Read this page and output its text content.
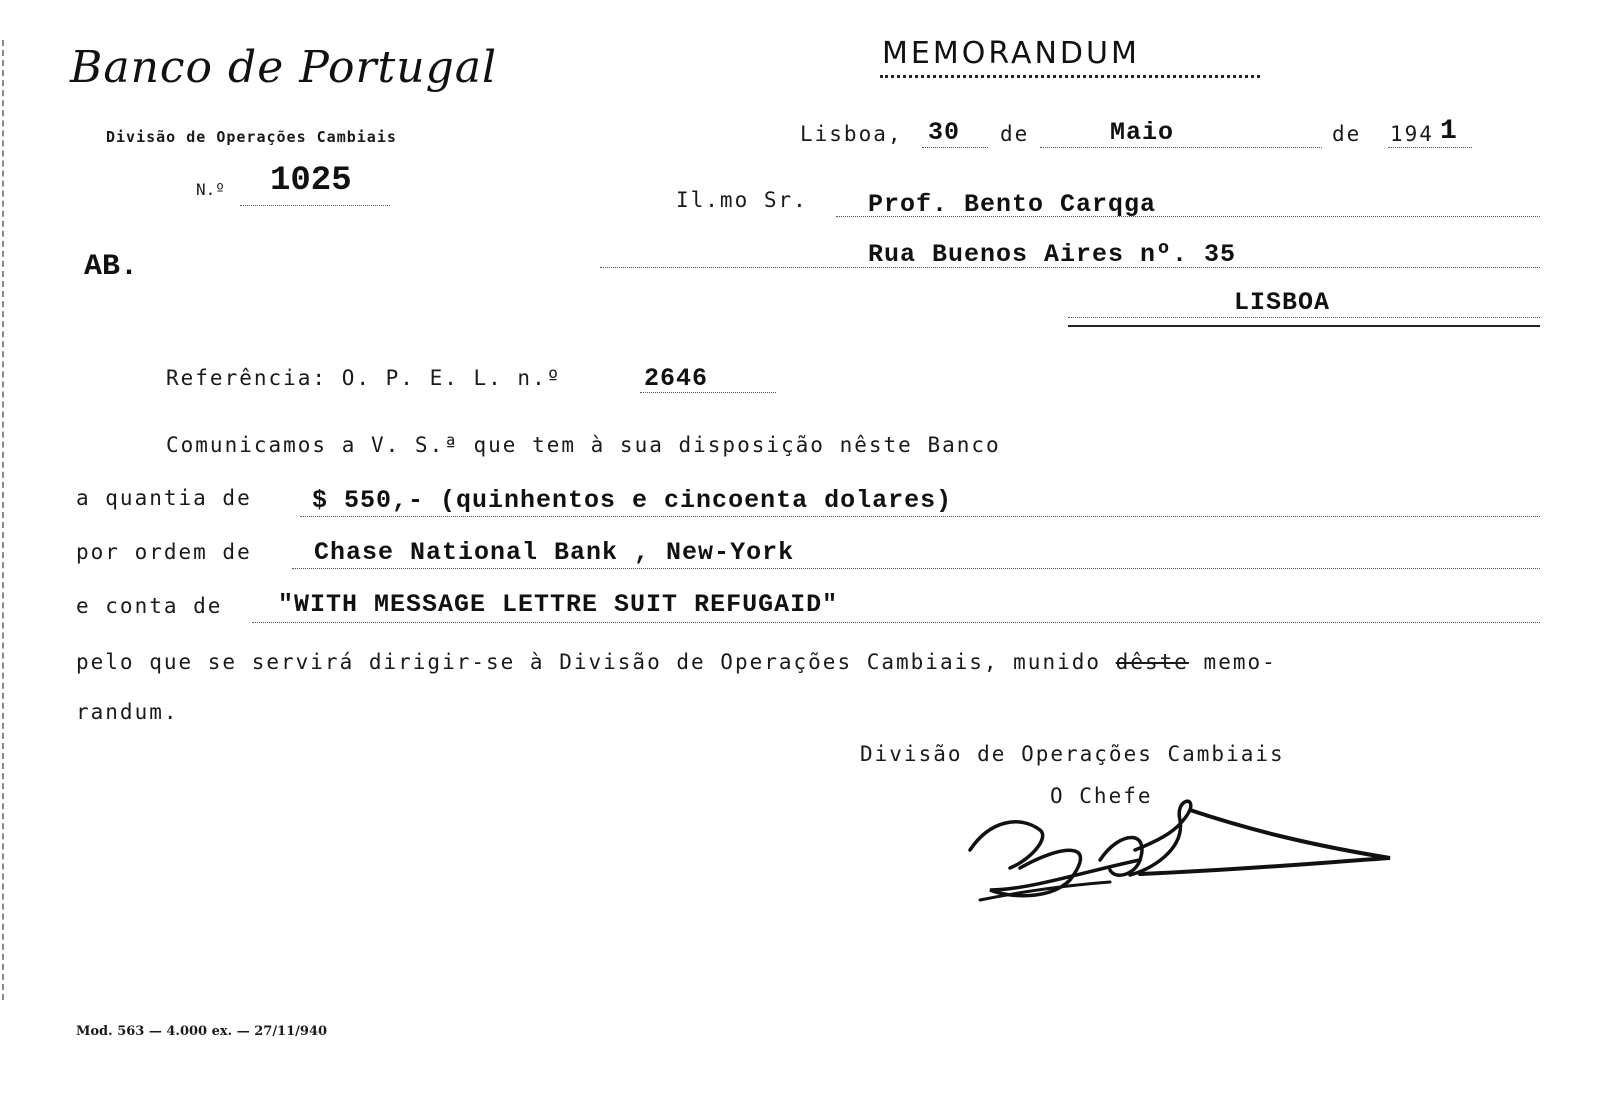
Banco de Portugal
Divisão de Operações Cambiais
N.º 1025
AB.
MEMORANDUM
Lisboa, 30 de	Maio	de 194 1
Il.mo Sr. Prof. Bento Carqga
Rua Buenos Aires nº. 35
LISBOA
Referência: O. P. E. L. n.º	2646
Comunicamos a V. S.ª que tem à sua disposição nêste Banco
a quantia de $ 550,- (quinhentos e cincoenta dolares)
por ordem de Chase National Bank , New-York
e conta de "WITH MESSAGE LETTRE SUIT REFUGAID"
pelo que se servirá dirigir-se à Divisão de Operações Cambiais, munido dêste memo-
randum.
Divisão de Operações Cambiais
O Chefe
Mod. 563 — 4.000 ex. — 27/11/940
